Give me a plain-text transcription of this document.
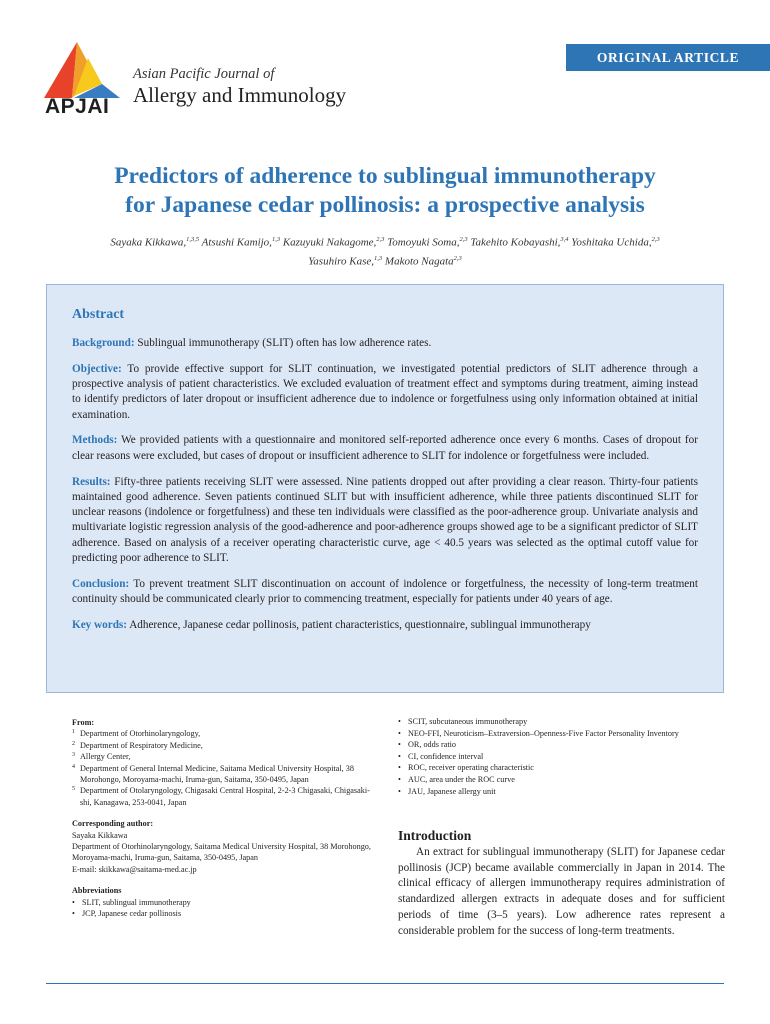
ORIGINAL ARTICLE
APJAI
Asian Pacific Journal of
Allergy and Immunology
Predictors of adherence to sublingual immunotherapy
for Japanese cedar pollinosis: a prospective analysis
Sayaka Kikkawa,$^{1,3,5}$ Atsushi Kamijo,$^{1,3}$ Kazuyuki Nakagome,$^{2,3}$ Tomoyuki Soma,$^{2,3}$ Takehito Kobayashi,$^{3,4}$ Yoshitaka Uchida,$^{2,3}$
Yasuhiro Kase,$^{1,3}$ Makoto Nagata$^{2,3}$
Abstract

Background: Sublingual immunotherapy (SLIT) often has low adherence rates.

Objective: To provide effective support for SLIT continuation, we investigated potential predictors of SLIT adherence through a prospective analysis of patient characteristics. We excluded evaluation of treatment effect and symptoms during treatment, aiming instead to identify predictors of later dropout or insufficient adherence due to indolence or forgetfulness using only information obtained at initial examination.

Methods: We provided patients with a questionnaire and monitored self-reported adherence once every 6 months. Cases of dropout for clear reasons were excluded, but cases of dropout or insufficient adherence to SLIT for indolence or forgetfulness were included.

Results: Fifty-three patients receiving SLIT were assessed. Nine patients dropped out after providing a clear reason. Thirty-four patients maintained good adherence. Seven patients continued SLIT but with insufficient adherence, while three patients discontinued SLIT for unclear reasons (indolence or forgetfulness) and these ten individuals were classified as the poor-adherence group. Univariate analysis and multivariate logistic regression analysis of the good-adherence and poor-adherence groups showed age to be a significant predictor of SLIT adherence. Based on analysis of a receiver operating characteristic curve, age < 40.5 years was selected as the optimal cutoff value for predicting poor adherence to SLIT.

Conclusion: To prevent treatment SLIT discontinuation on account of indolence or forgetfulness, the necessity of long-term treatment continuity should be communicated clearly prior to commencing treatment, especially for patients under 40 years of age.

Key words: Adherence, Japanese cedar pollinosis, patient characteristics, questionnaire, sublingual immunotherapy

From:
1 Department of Otorhinolaryngology,
2 Department of Respiratory Medicine,
3 Allergy Center,
4 Department of General Internal Medicine, Saitama Medical University Hospital, 38 Morohongo, Moroyama-machi, Iruma-gun, Saitama, 350-0495, Japan
5 Department of Otolaryngology, Chigasaki Central Hospital, 2-2-3 Chigasaki, Chigasaki-shi, Kanagawa, 253-0041, Japan
Corresponding author:
Sayaka Kikkawa
Department of Otorhinolaryngology, Saitama Medical University Hospital, 38 Morohongo, Moroyama-machi, Iruma-gun, Saitama, 350-0495, Japan
E-mail: skikkawa@saitama-med.ac.jp
Abbreviations
• SLIT, sublingual immunotherapy
• JCP, Japanese cedar pollinosis
• SCIT, subcutaneous immunotherapy
• NEO-FFI, Neuroticism–Extraversion–Openness-Five Factor Personality Inventory
• OR, odds ratio
• CI, confidence interval
• ROC, receiver operating characteristic
• AUC, area under the ROC curve
• JAU, Japanese allergy unit
Introduction
An extract for sublingual immunotherapy (SLIT) for Japanese cedar pollinosis (JCP) became available commercially in Japan in 2014. The clinical efficacy of allergen immunotherapy requires administration of standardized allergen extracts in adequate doses and for sufficient periods of time (3–5 years). Low adherence rates represent a considerable problem for the success of long-term treatments.
